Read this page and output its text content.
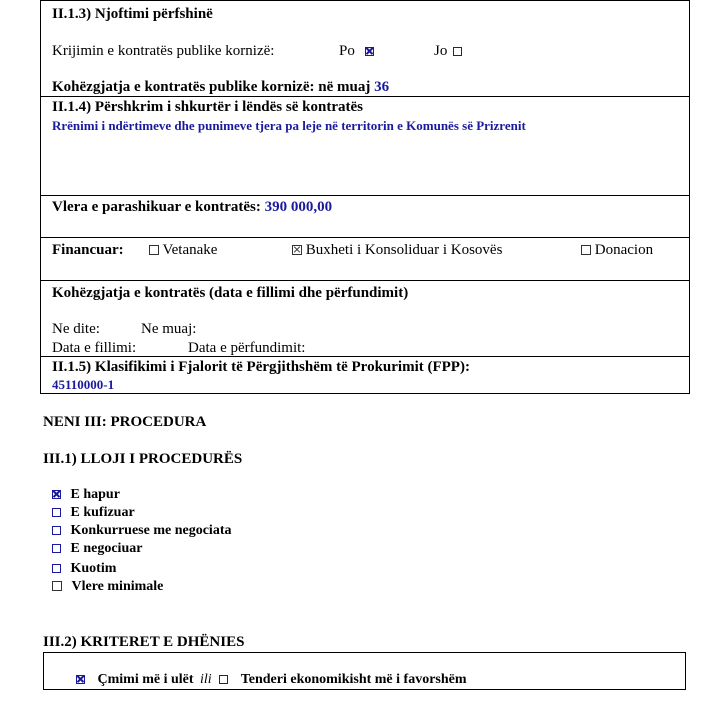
II.1.3) Njoftimi përfshinë
Krijimin e kontratës publike kornizë:	Po	Jo
Kohëzgjatja e kontratës publike kornizë: në muaj 36
II.1.4) Përshkrim i shkurtër i lëndës së kontratës
Rrënimi i ndërtimeve dhe punimeve tjera pa leje në territorin e Komunës së Prizrenit
Vlera e parashikuar e kontratës: 390 000,00
Financuar:	Vetanake	Buxheti i Konsoliduar i Kosovës	Donacion
Kohëzgjatja e kontratës (data e fillimi dhe përfundimit)
Ne dite:	Ne muaj:
Data e fillimi:	Data e përfundimit:
II.1.5) Klasifikimi i Fjalorit të Përgjithshëm të Prokurimit (FPP):
45110000-1
NENI III: PROCEDURA
III.1) LLOJI I PROCEDURËS
E hapur
E kufizuar
Konkurruese me negociata
E negociuar
Kuotim
Vlere minimale
III.2) KRITERET E DHËNIES
Çmimi më i ulët ili Tenderi ekonomikisht më i favorshëm
